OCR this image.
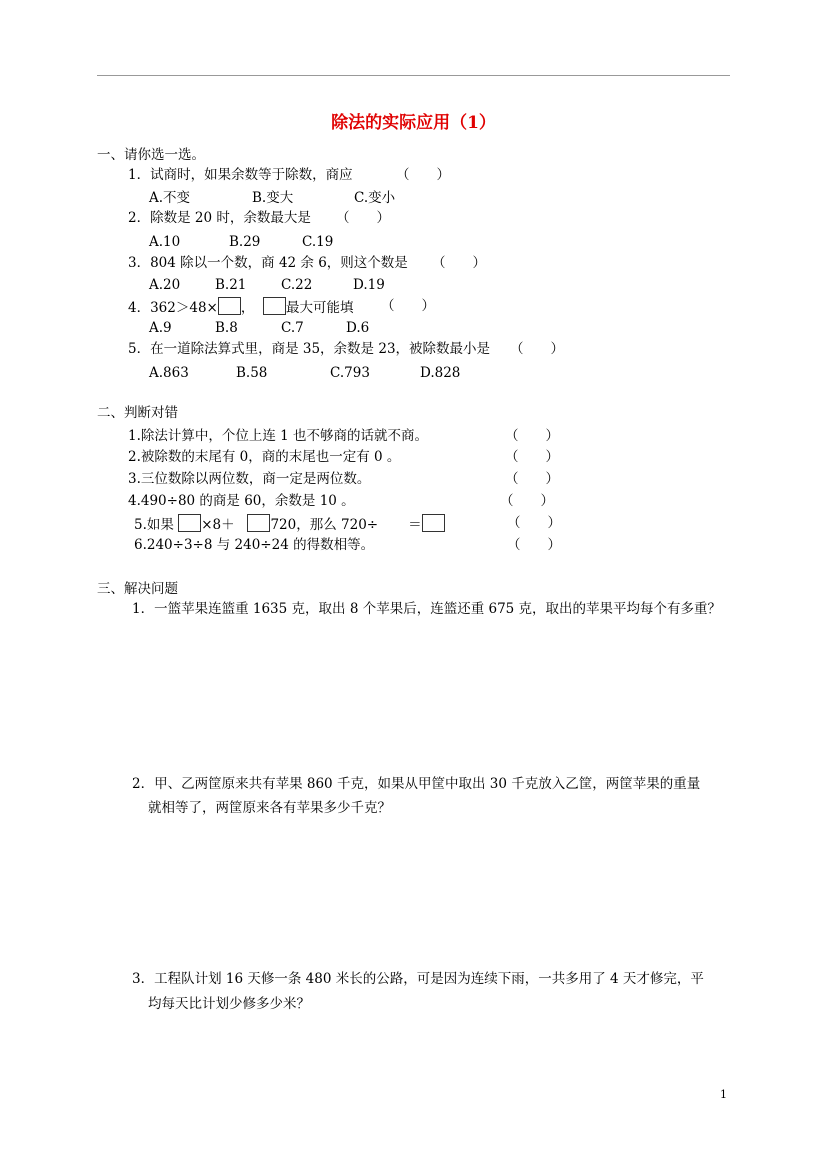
除法的实际应用（1）
一、请你选一选。
1．试商时，如果余数等于除数，商应	（　　）
A.不变	B.变大	C.变小
2．除数是 20 时，余数最大是 （　　）
A.10	B.29	C.19
3．804 除以一个数，商 42 余 6，则这个数是 （　　）
A.20	B.21	C.22	D.19
4．362＞48× ， 最大可能填 （　　）
A.9	B.8	C.7	D.6
5．在一道除法算式里，商是 35，余数是 23，被除数最小是 （　　）
A.863	B.58	C.793	D.828
二、判断对错
1.除法计算中，个位上连 1 也不够商的话就不商。	（　　）
2.被除数的末尾有 0，商的末尾也一定有 0 。	（　　）
3.三位数除以两位数，商一定是两位数。	（　　）
4.490÷80 的商是 60，余数是 10 。	（　　）
5.如果 ×8＋	720，那么 720÷ ＝	（　　）
6.240÷3÷8 与 240÷24 的得数相等。	（　　）
三、解决问题
1．一篮苹果连篮重 1635 克，取出 8 个苹果后，连篮还重 675 克，取出的苹果平均每个有多重？
2．甲、乙两筐原来共有苹果 860 千克，如果从甲筐中取出 30 千克放入乙筐，两筐苹果的重量
就相等了，两筐原来各有苹果多少千克？
3．工程队计划 16 天修一条 480 米长的公路，可是因为连续下雨，一共多用了 4 天才修完，平
均每天比计划少修多少米？
1
